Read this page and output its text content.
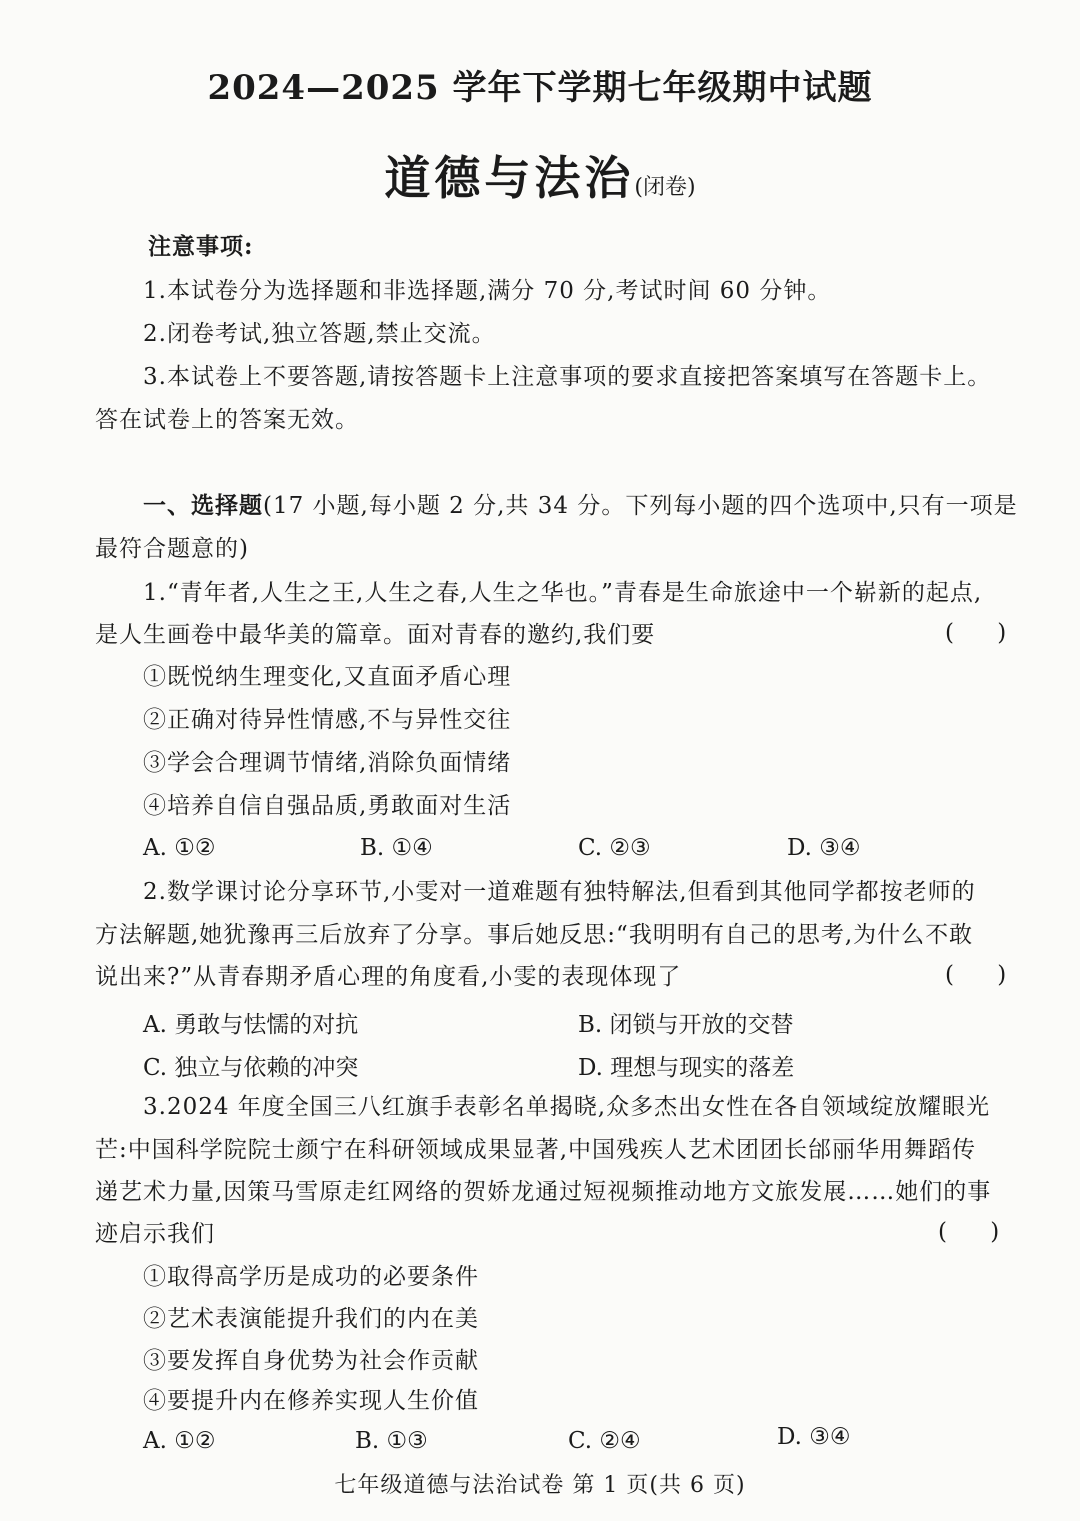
2024—2025 学年下学期七年级期中试题
道德与法治(闭卷)
注意事项:
1.本试卷分为选择题和非选择题,满分 70 分,考试时间 60 分钟。
2.闭卷考试,独立答题,禁止交流。
3.本试卷上不要答题,请按答题卡上注意事项的要求直接把答案填写在答题卡上。
答在试卷上的答案无效。
一、选择题(17 小题,每小题 2 分,共 34 分。下列每小题的四个选项中,只有一项是
最符合题意的)
1.“青年者,人生之王,人生之春,人生之华也。”青春是生命旅途中一个崭新的起点,
是人生画卷中最华美的篇章。面对青春的邀约,我们要	( )
①既悦纳生理变化,又直面矛盾心理
②正确对待异性情感,不与异性交往
③学会合理调节情绪,消除负面情绪
④培养自信自强品质,勇敢面对生活
A. ①②	B. ①④	C. ②③	D. ③④
2.数学课讨论分享环节,小雯对一道难题有独特解法,但看到其他同学都按老师的
方法解题,她犹豫再三后放弃了分享。事后她反思:“我明明有自己的思考,为什么不敢
说出来?”从青春期矛盾心理的角度看,小雯的表现体现了	( )
A. 勇敢与怯懦的对抗	B. 闭锁与开放的交替
C. 独立与依赖的冲突	D. 理想与现实的落差
3.2024 年度全国三八红旗手表彰名单揭晓,众多杰出女性在各自领域绽放耀眼光
芒:中国科学院院士颜宁在科研领域成果显著,中国残疾人艺术团团长邰丽华用舞蹈传
递艺术力量,因策马雪原走红网络的贺娇龙通过短视频推动地方文旅发展……她们的事
迹启示我们	( )
①取得高学历是成功的必要条件
②艺术表演能提升我们的内在美
③要发挥自身优势为社会作贡献
④要提升内在修养实现人生价值
A. ①②	B. ①③	C. ②④	D. ③④
七年级道德与法治试卷 第 1 页(共 6 页)
